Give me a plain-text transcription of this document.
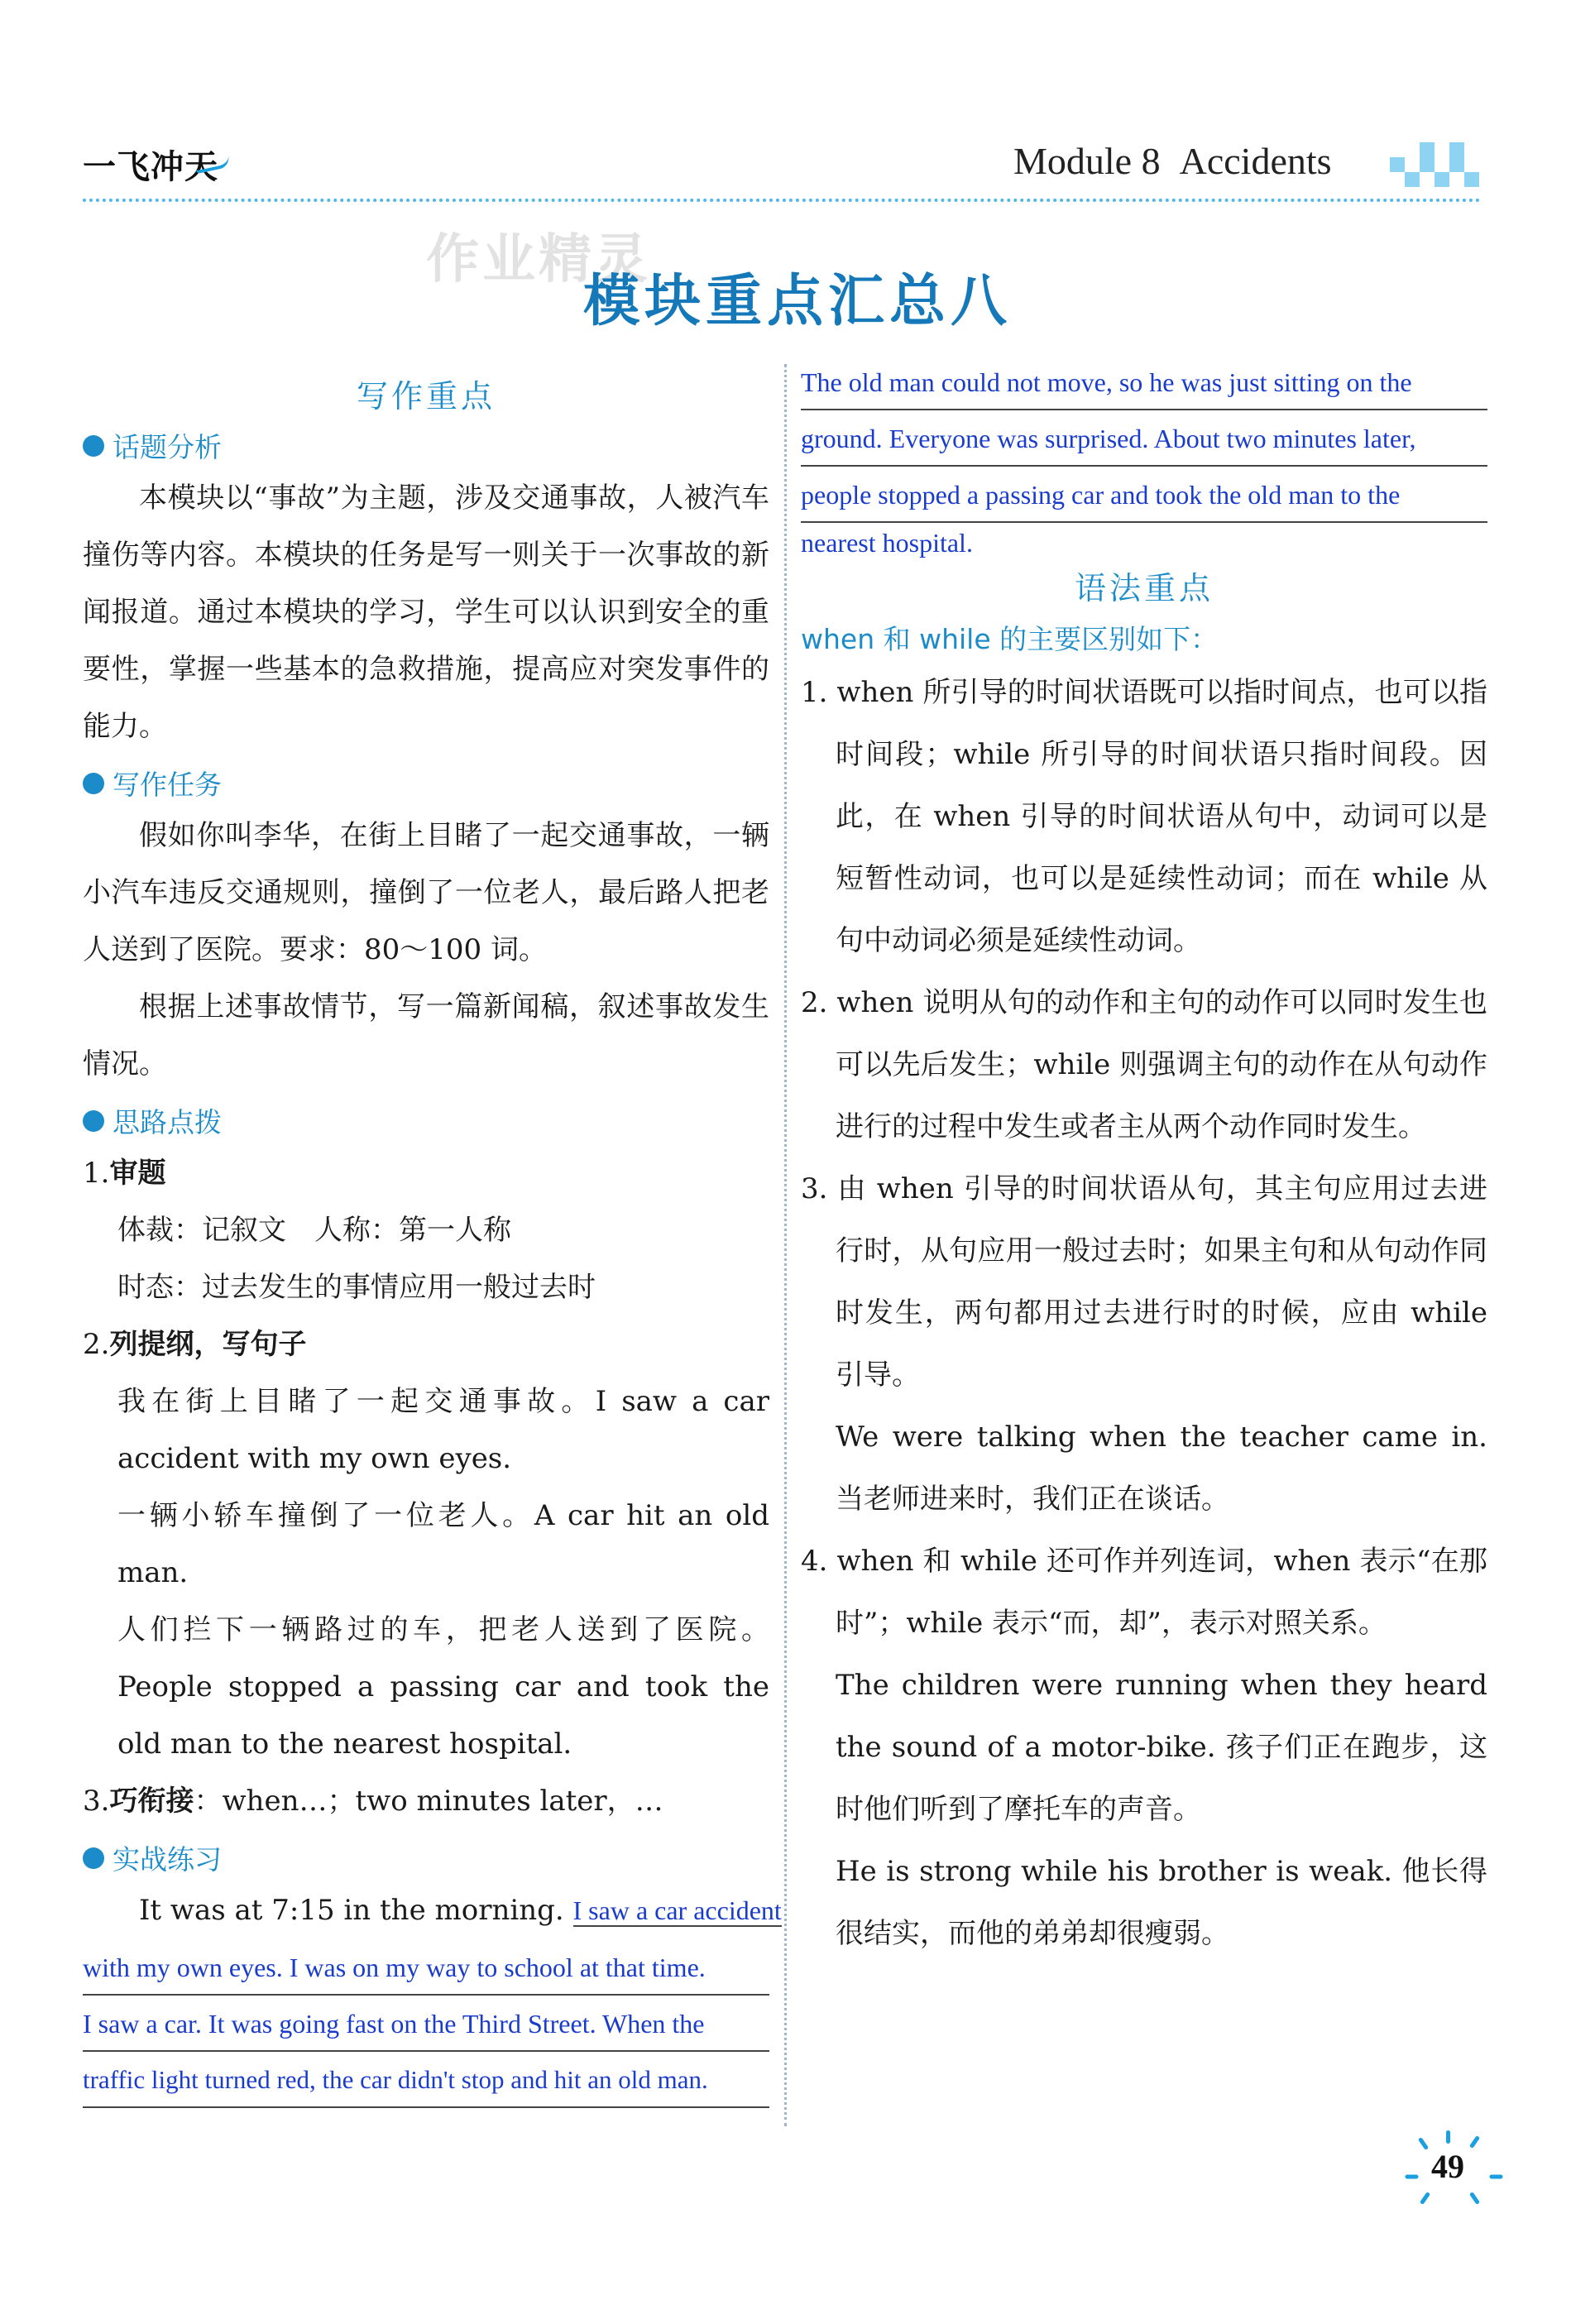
一飞冲天	Module 8 Accidents
作业精灵
模块重点汇总八
写作重点
话题分析

本模块以“事故”为主题，涉及交通事故，人被汽车撞伤等内容。本模块的任务是写一则关于一次事故的新闻报道。通过本模块的学习，学生可以认识到安全的重要性，掌握一些基本的急救措施，提高应对突发事件的能力。

写作任务

假如你叫李华，在街上目睹了一起交通事故，一辆小汽车违反交通规则，撞倒了一位老人，最后路人把老人送到了医院。要求：80～100 词。

根据上述事故情节，写一篇新闻稿，叙述事故发生情况。

思路点拨

1.审题

体裁：记叙文　人称：第一人称

时态：过去发生的事情应用一般过去时

2.列提纲，写句子

我在街上目睹了一起交通事故。I saw a car accident with my own eyes.

一辆小轿车撞倒了一位老人。A car hit an old man.

人们拦下一辆路过的车，把老人送到了医院。People stopped a passing car and took the old man to the nearest hospital.

3.巧衔接：when…；two minutes later，…

实战练习

It was at 7:15 in the morning. I saw a car accident

with my own eyes. I was on my way to school at that time.
I saw a car. It was going fast on the Third Street. When the
traffic light turned red, the car didn't stop and hit an old man.
The old man could not move, so he was just sitting on the
ground. Everyone was surprised. About two minutes later,
people stopped a passing car and took the old man to the
nearest hospital.
语法重点
when 和 while 的主要区别如下：

1. when 所引导的时间状语既可以指时间点，也可以指时间段；while 所引导的时间状语只指时间段。因此，在 when 引导的时间状语从句中，动词可以是短暂性动词，也可以是延续性动词；而在 while 从句中动词必须是延续性动词。

2. when 说明从句的动作和主句的动作可以同时发生也可以先后发生；while 则强调主句的动作在从句动作进行的过程中发生或者主从两个动作同时发生。

3. 由 when 引导的时间状语从句，其主句应用过去进行时，从句应用一般过去时；如果主句和从句动作同时发生，两句都用过去进行时的时候，应由 while 引导。

We were talking when the teacher came in. 当老师进来时，我们正在谈话。

4. when 和 while 还可作并列连词，when 表示“在那时”；while 表示“而，却”，表示对照关系。

The children were running when they heard the sound of a motor-bike. 孩子们正在跑步，这时他们听到了摩托车的声音。

He is strong while his brother is weak. 他长得很结实，而他的弟弟却很瘦弱。

49
